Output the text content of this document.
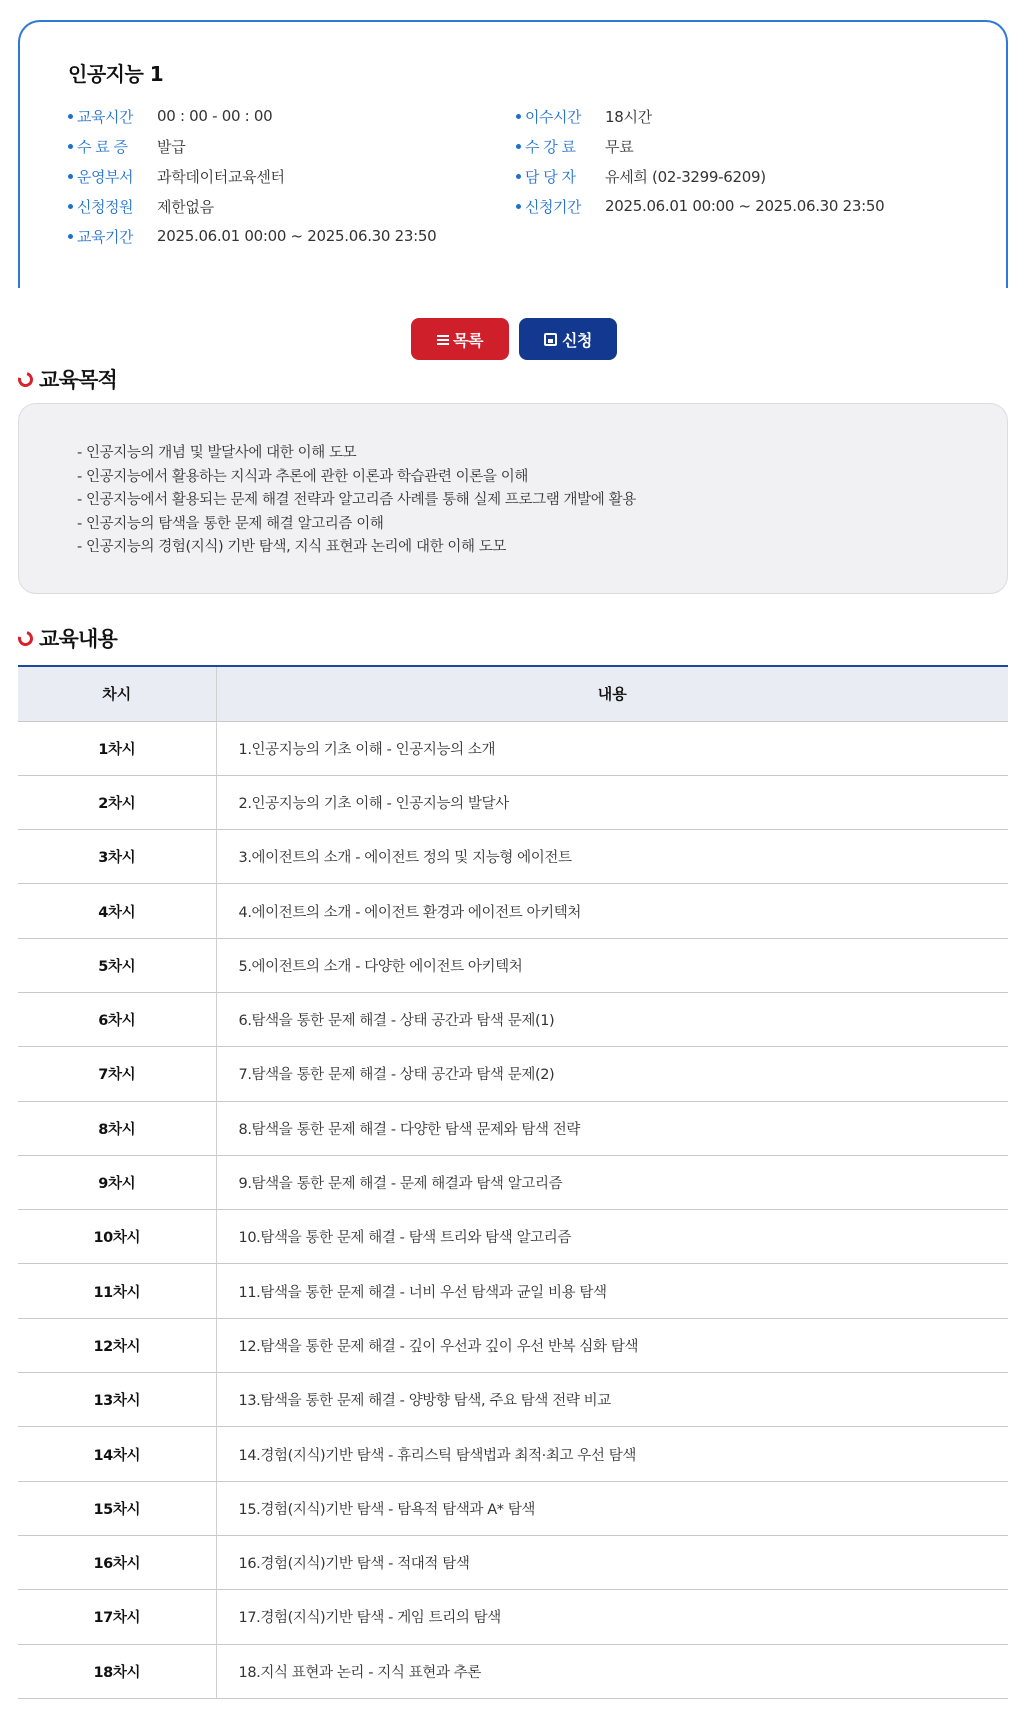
인공지능 1
교육시간	00 : 00 - 00 : 00	이수시간	18시간
수 료 증	발급	수 강 료	무료
운영부서	과학데이터교육센터	담 당 자	유세희 (02-3299-6209)
신청정원	제한없음	신청기간	2025.06.01 00:00 ~ 2025.06.30 23:50
교육기간	2025.06.01 00:00 ~ 2025.06.30 23:50
목록	신청
교육목적
- 인공지능의 개념 및 발달사에 대한 이해 도모
- 인공지능에서 활용하는 지식과 추론에 관한 이론과 학습관련 이론을 이해
- 인공지능에서 활용되는 문제 해결 전략과 알고리즘 사례를 통해 실제 프로그램 개발에 활용
- 인공지능의 탐색을 통한 문제 해결 알고리즘 이해
- 인공지능의 경험(지식) 기반 탐색, 지식 표현과 논리에 대한 이해 도모
교육내용
차시	내용
1차시	1.인공지능의 기초 이해 - 인공지능의 소개
2차시	2.인공지능의 기초 이해 - 인공지능의 발달사
3차시	3.에이전트의 소개 - 에이전트 정의 및 지능형 에이전트
4차시	4.에이전트의 소개 - 에이전트 환경과 에이전트 아키텍처
5차시	5.에이전트의 소개 - 다양한 에이전트 아키텍처
6차시	6.탐색을 통한 문제 해결 - 상태 공간과 탐색 문제(1)
7차시	7.탐색을 통한 문제 해결 - 상태 공간과 탐색 문제(2)
8차시	8.탐색을 통한 문제 해결 - 다양한 탐색 문제와 탐색 전략
9차시	9.탐색을 통한 문제 해결 - 문제 해결과 탐색 알고리즘
10차시	10.탐색을 통한 문제 해결 - 탐색 트리와 탐색 알고리즘
11차시	11.탐색을 통한 문제 해결 - 너비 우선 탐색과 균일 비용 탐색
12차시	12.탐색을 통한 문제 해결 - 깊이 우선과 깊이 우선 반복 심화 탐색
13차시	13.탐색을 통한 문제 해결 - 양방향 탐색, 주요 탐색 전략 비교
14차시	14.경험(지식)기반 탐색 - 휴리스틱 탐색법과 최적·최고 우선 탐색
15차시	15.경험(지식)기반 탐색 - 탐욕적 탐색과 A* 탐색
16차시	16.경험(지식)기반 탐색 - 적대적 탐색
17차시	17.경험(지식)기반 탐색 - 게임 트리의 탐색
18차시	18.지식 표현과 논리 - 지식 표현과 추론
